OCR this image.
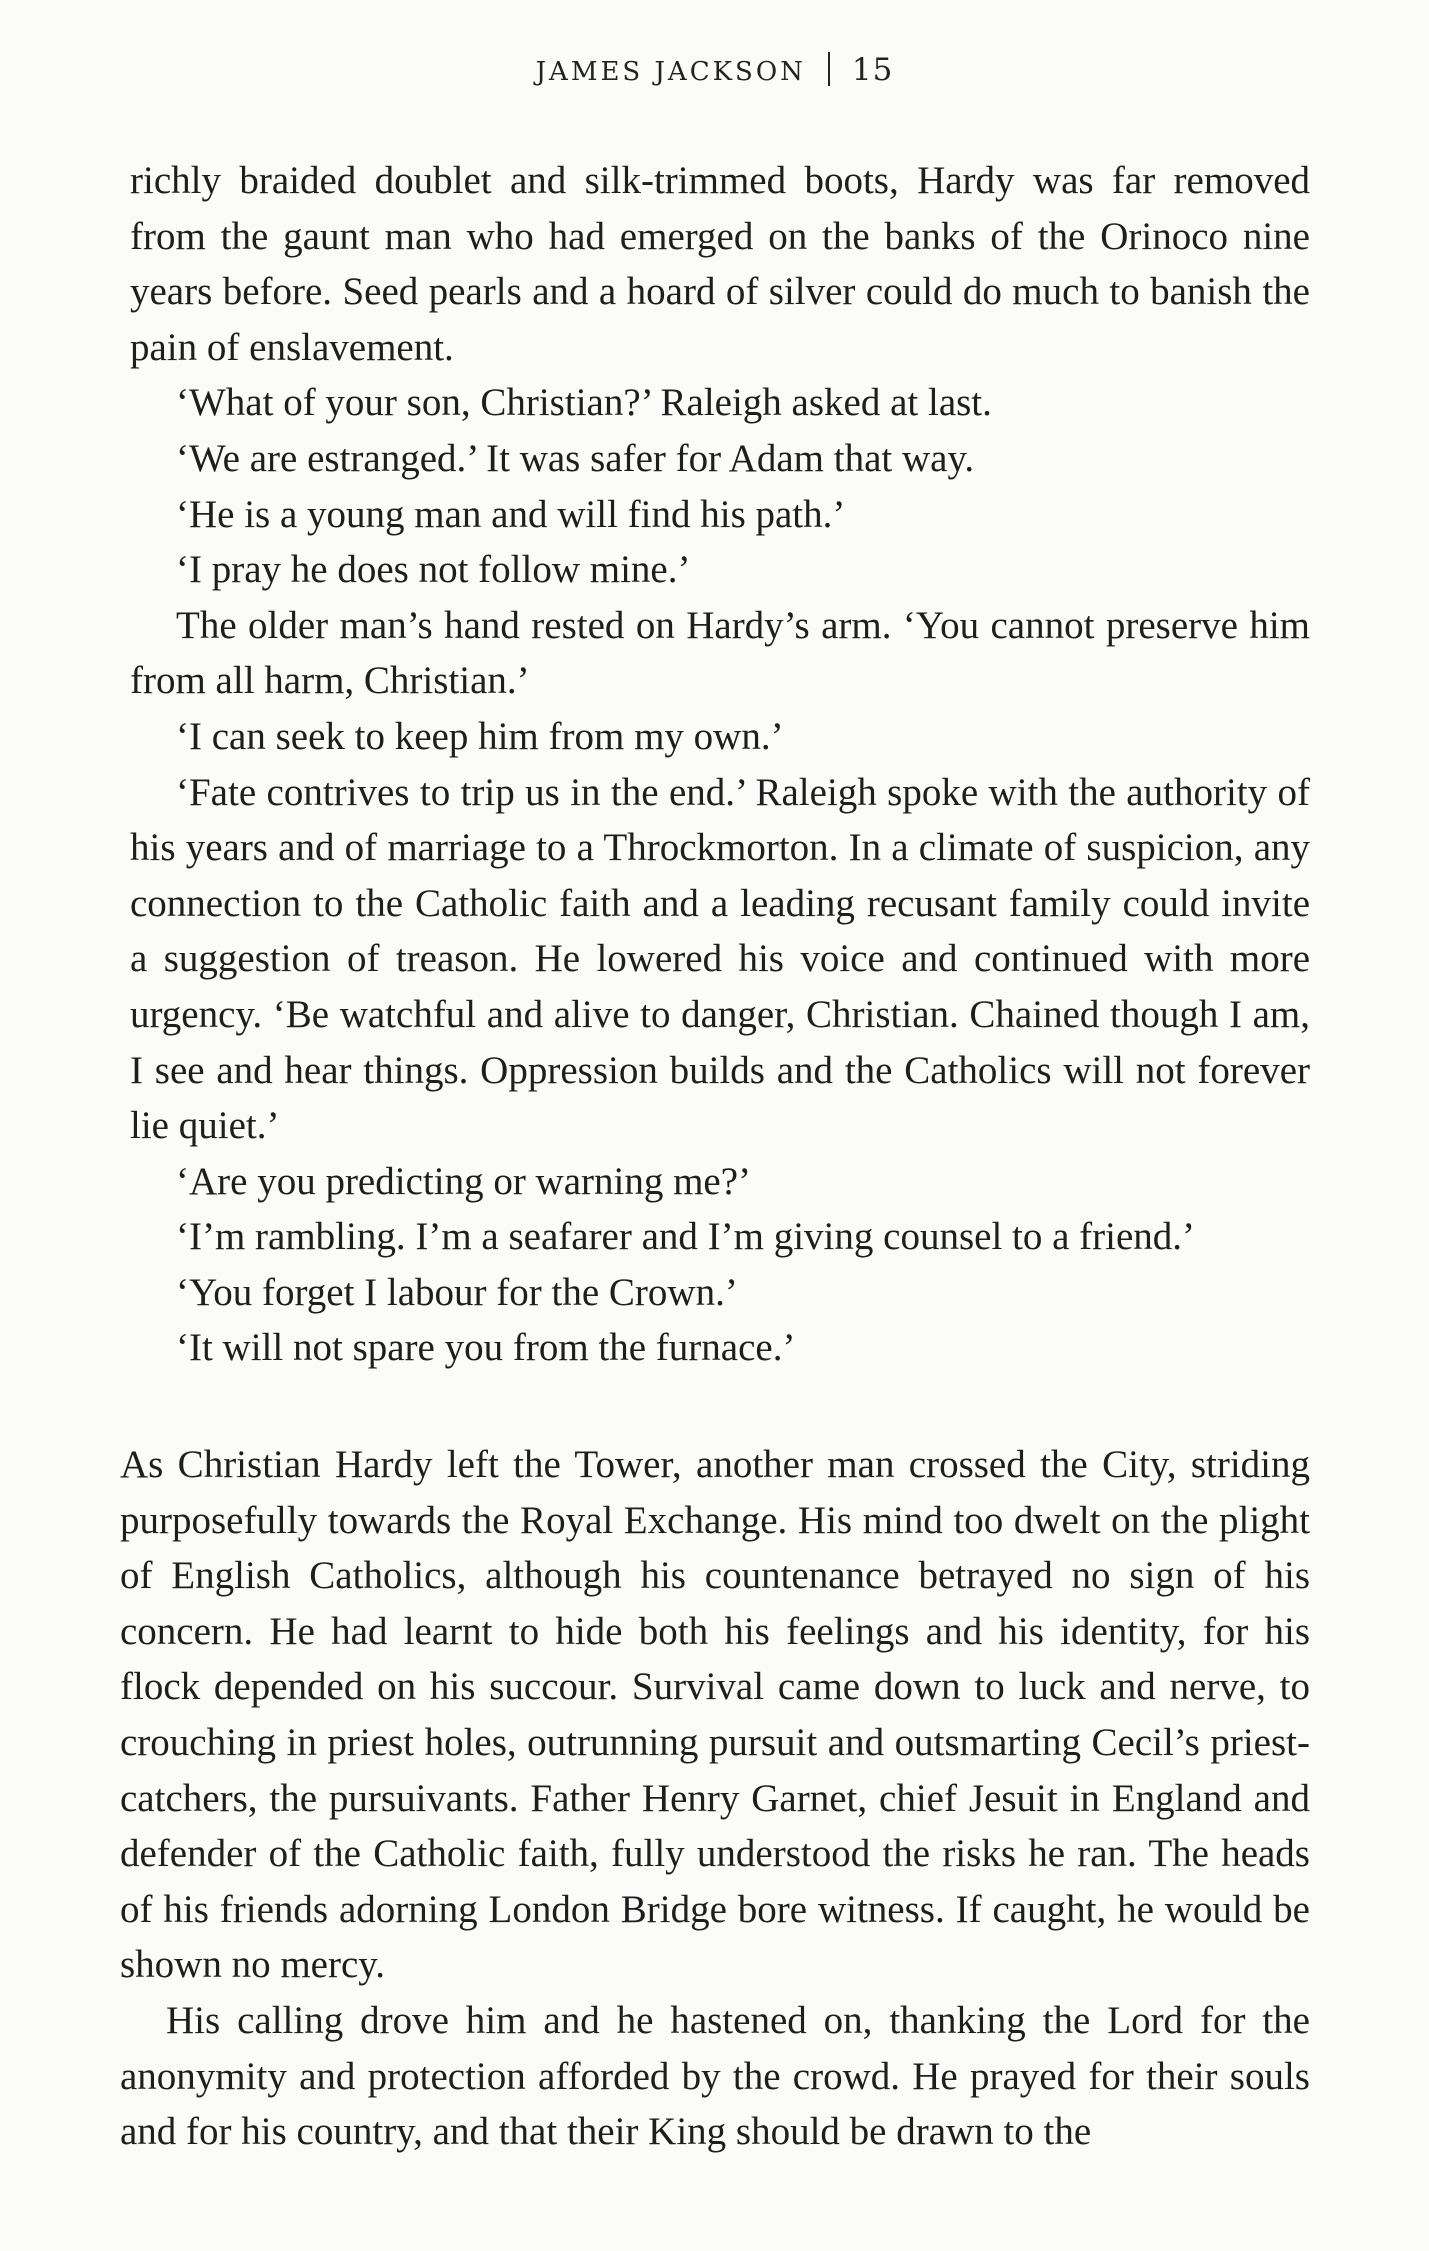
JAMES JACKSON 15

richly braided doublet and silk-trimmed boots, Hardy was far removed from the gaunt man who had emerged on the banks of the Orinoco nine years before. Seed pearls and a hoard of silver could do much to banish the pain of enslavement.

‘What of your son, Christian?’ Raleigh asked at last.

‘We are estranged.’ It was safer for Adam that way.

‘He is a young man and will find his path.’

‘I pray he does not follow mine.’

The older man’s hand rested on Hardy’s arm. ‘You cannot preserve him from all harm, Christian.’

‘I can seek to keep him from my own.’

‘Fate contrives to trip us in the end.’ Raleigh spoke with the authority of his years and of marriage to a Throckmorton. In a climate of suspicion, any connection to the Catholic faith and a leading recusant family could invite a suggestion of treason. He lowered his voice and continued with more urgency. ‘Be watchful and alive to danger, Christian. Chained though I am, I see and hear things. Oppression builds and the Catholics will not forever lie quiet.’

‘Are you predicting or warning me?’

‘I’m rambling. I’m a seafarer and I’m giving counsel to a friend.’

‘You forget I labour for the Crown.’

‘It will not spare you from the furnace.’

As Christian Hardy left the Tower, another man crossed the City, striding purposefully towards the Royal Exchange. His mind too dwelt on the plight of English Catholics, although his countenance betrayed no sign of his concern. He had learnt to hide both his feelings and his identity, for his flock depended on his succour. Survival came down to luck and nerve, to crouching in priest holes, outrunning pursuit and outsmarting Cecil’s priest-catchers, the pursuivants. Father Henry Garnet, chief Jesuit in England and defender of the Catholic faith, fully understood the risks he ran. The heads of his friends adorning London Bridge bore witness. If caught, he would be shown no mercy.

His calling drove him and he hastened on, thanking the Lord for the anonymity and protection afforded by the crowd. He prayed for their souls and for his country, and that their King should be drawn to the
